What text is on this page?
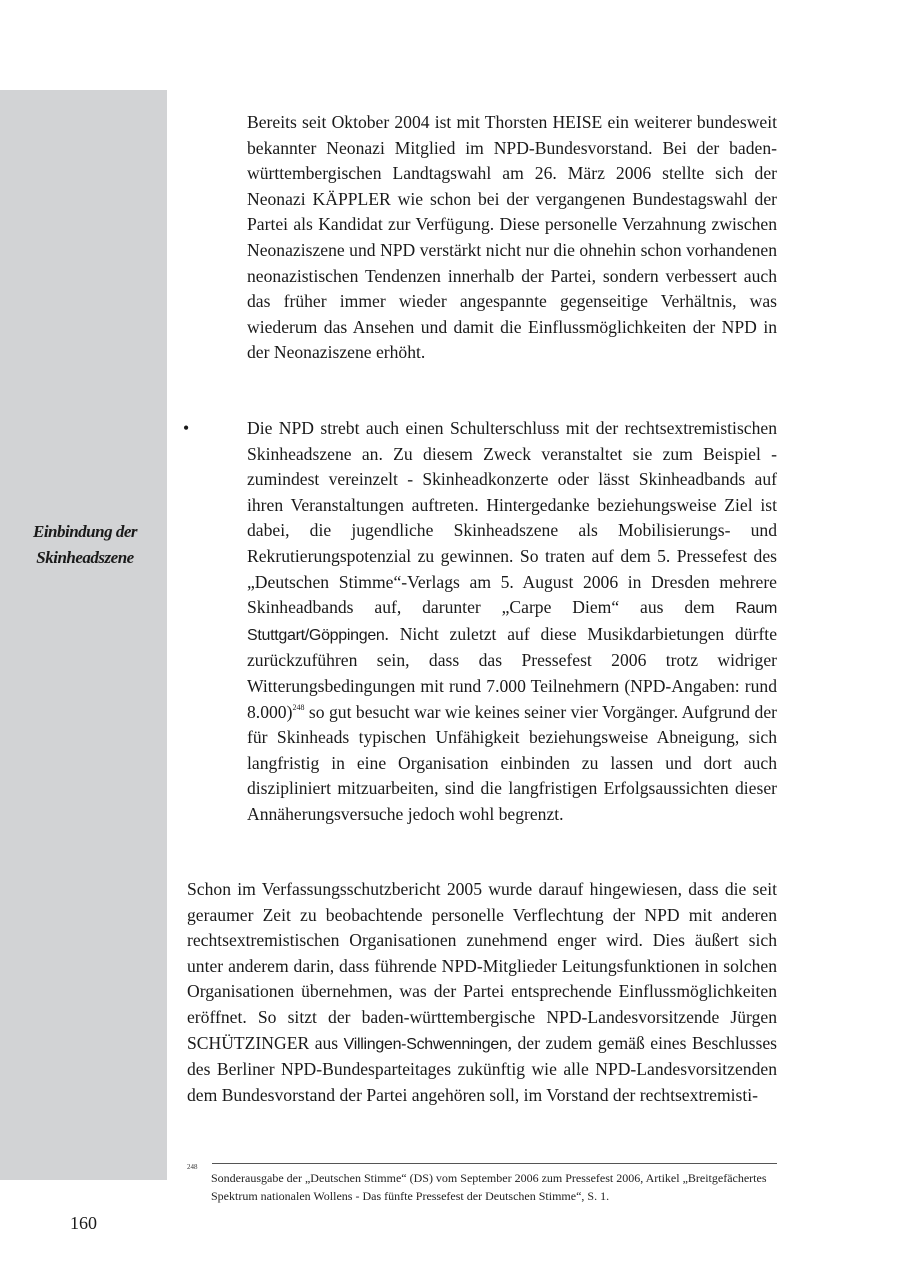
Einbindung der
Skinheadszene

Bereits seit Oktober 2004 ist mit Thorsten HEISE ein weiterer bundesweit bekannter Neonazi Mitglied im NPD-Bundesvorstand. Bei der baden-württembergischen Landtagswahl am 26. März 2006 stellte sich der Neonazi KÄPPLER wie schon bei der vergangenen Bundestagswahl der Partei als Kandidat zur Verfügung. Diese personelle Verzahnung zwischen Neonaziszene und NPD verstärkt nicht nur die ohnehin schon vorhandenen neonazistischen Tendenzen innerhalb der Partei, sondern verbessert auch das früher immer wieder angespannte gegenseitige Verhältnis, was wiederum das Ansehen und damit die Einflussmöglichkeiten der NPD in der Neonaziszene erhöht.

•	Die NPD strebt auch einen Schulterschluss mit der rechtsextremistischen Skinheadszene an. Zu diesem Zweck veranstaltet sie zum Beispiel - zumindest vereinzelt - Skinheadkonzerte oder lässt Skinheadbands auf ihren Veranstaltungen auftreten. Hintergedanke beziehungsweise Ziel ist dabei, die jugendliche Skinheadszene als Mobilisierungs- und Rekrutierungspotenzial zu gewinnen. So traten auf dem 5. Pressefest des „Deutschen Stimme“-Verlags am 5. August 2006 in Dresden mehrere Skinheadbands auf, darunter „Carpe Diem“ aus dem Raum Stuttgart/Göppingen. Nicht zuletzt auf diese Musikdarbietungen dürfte zurückzuführen sein, dass das Pressefest 2006 trotz widriger Witterungsbedingungen mit rund 7.000 Teilnehmern (NPD-Angaben: rund 8.000)$^{248}$ so gut besucht war wie keines seiner vier Vorgänger. Aufgrund der für Skinheads typischen Unfähigkeit beziehungsweise Abneigung, sich langfristig in eine Organisation einbinden zu lassen und dort auch diszipliniert mitzuarbeiten, sind die langfristigen Erfolgsaussichten dieser Annäherungsversuche jedoch wohl begrenzt.

Schon im Verfassungsschutzbericht 2005 wurde darauf hingewiesen, dass die seit geraumer Zeit zu beobachtende personelle Verflechtung der NPD mit anderen rechtsextremistischen Organisationen zunehmend enger wird. Dies äußert sich unter anderem darin, dass führende NPD-Mitglieder Leitungsfunktionen in solchen Organisationen übernehmen, was der Partei entsprechende Einflussmöglichkeiten eröffnet. So sitzt der baden-württembergische NPD-Landesvorsitzende Jürgen SCHÜTZINGER aus Villingen-Schwenningen, der zudem gemäß eines Beschlusses des Berliner NPD-Bundesparteitages zukünftig wie alle NPD-Landesvorsitzenden dem Bundesvorstand der Partei angehören soll, im Vorstand der rechtsextremisti-

248
Sonderausgabe der „Deutschen Stimme“ (DS) vom September 2006 zum Pressefest 2006, Artikel „Breitgefächertes Spektrum nationalen Wollens - Das fünfte Pressefest der Deutschen Stimme“, S. 1.
160
